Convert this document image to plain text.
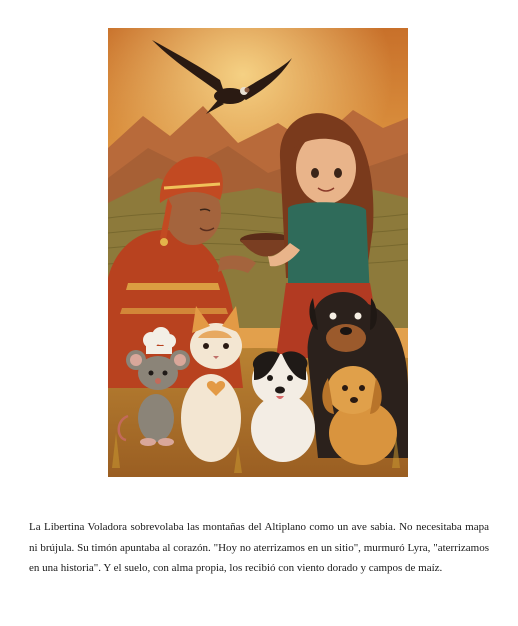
La Libertina Voladora sobrevolaba las montañas del Altiplano como un ave sabia. No necesitaba mapa ni brújula. Su timón apuntaba al corazón. "Hoy no aterrizamos en un sitio", murmuró Lyra, "aterrizamos en una historia". Y el suelo, con alma propia, los recibió con viento dorado y campos de maíz.
